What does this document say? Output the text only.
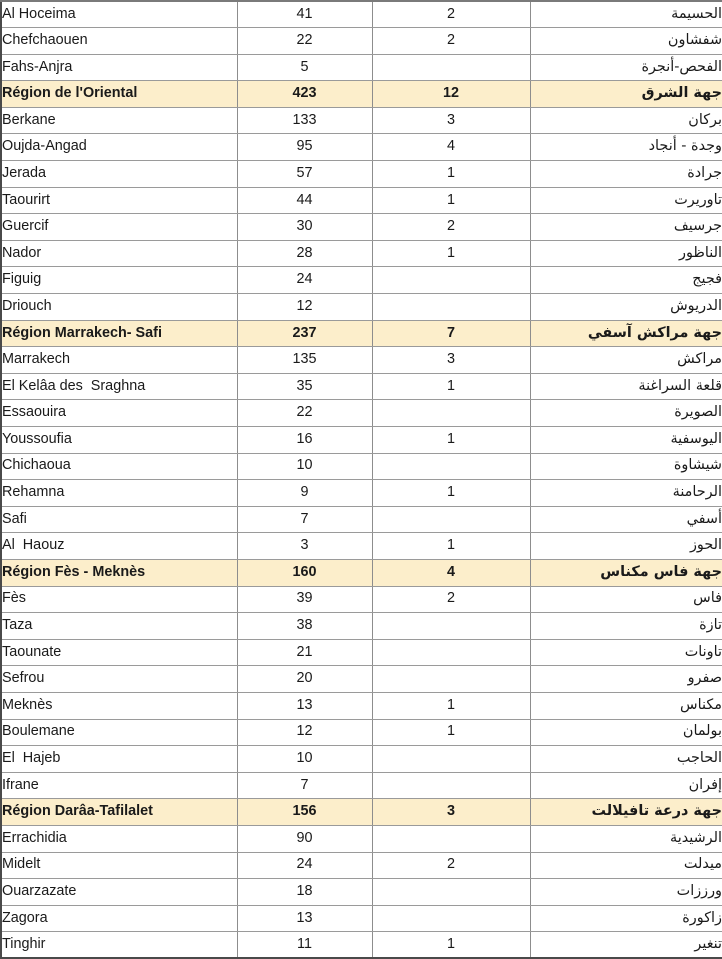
Al Hoceima	41	2	الحسيمة
Chefchaouen	22	2	شفشاون
Fahs-Anjra	5		الفحص-أنجرة
Région de l'Oriental	423	12	جهة الشرق
Berkane	133	3	بركان
Oujda-Angad	95	4	وجدة - أنجاد
Jerada	57	1	جرادة
Taourirt	44	1	تاوريرت
Guercif	30	2	جرسيف
Nador	28	1	الناظور
Figuig	24		فجيج
Driouch	12		الدريوش
Région Marrakech- Safi	237	7	جهة مراكش آسفي
Marrakech	135	3	مراكش
El Kelâa des  Sraghna	35	1	قلعة السراغنة
Essaouira	22		الصويرة
Youssoufia	16	1	اليوسفية
Chichaoua	10		شيشاوة
Rehamna	9	1	الرحامنة
Safi	7		أسفي
Al  Haouz	3	1	الحوز
Région Fès - Meknès	160	4	جهة فاس مكناس
Fès	39	2	فاس
Taza	38		تازة
Taounate	21		تاونات
Sefrou	20		صفرو
Meknès	13	1	مكناس
Boulemane	12	1	بولمان
El  Hajeb	10		الحاجب
Ifrane	7		إفران
Région Darâa-Tafilalet	156	3	جهة درعة تافيلالت
Errachidia	90		الرشيدية
Midelt	24	2	ميدلت
Ouarzazate	18		ورززات
Zagora	13		زاكورة
Tinghir	11	1	تنغير
